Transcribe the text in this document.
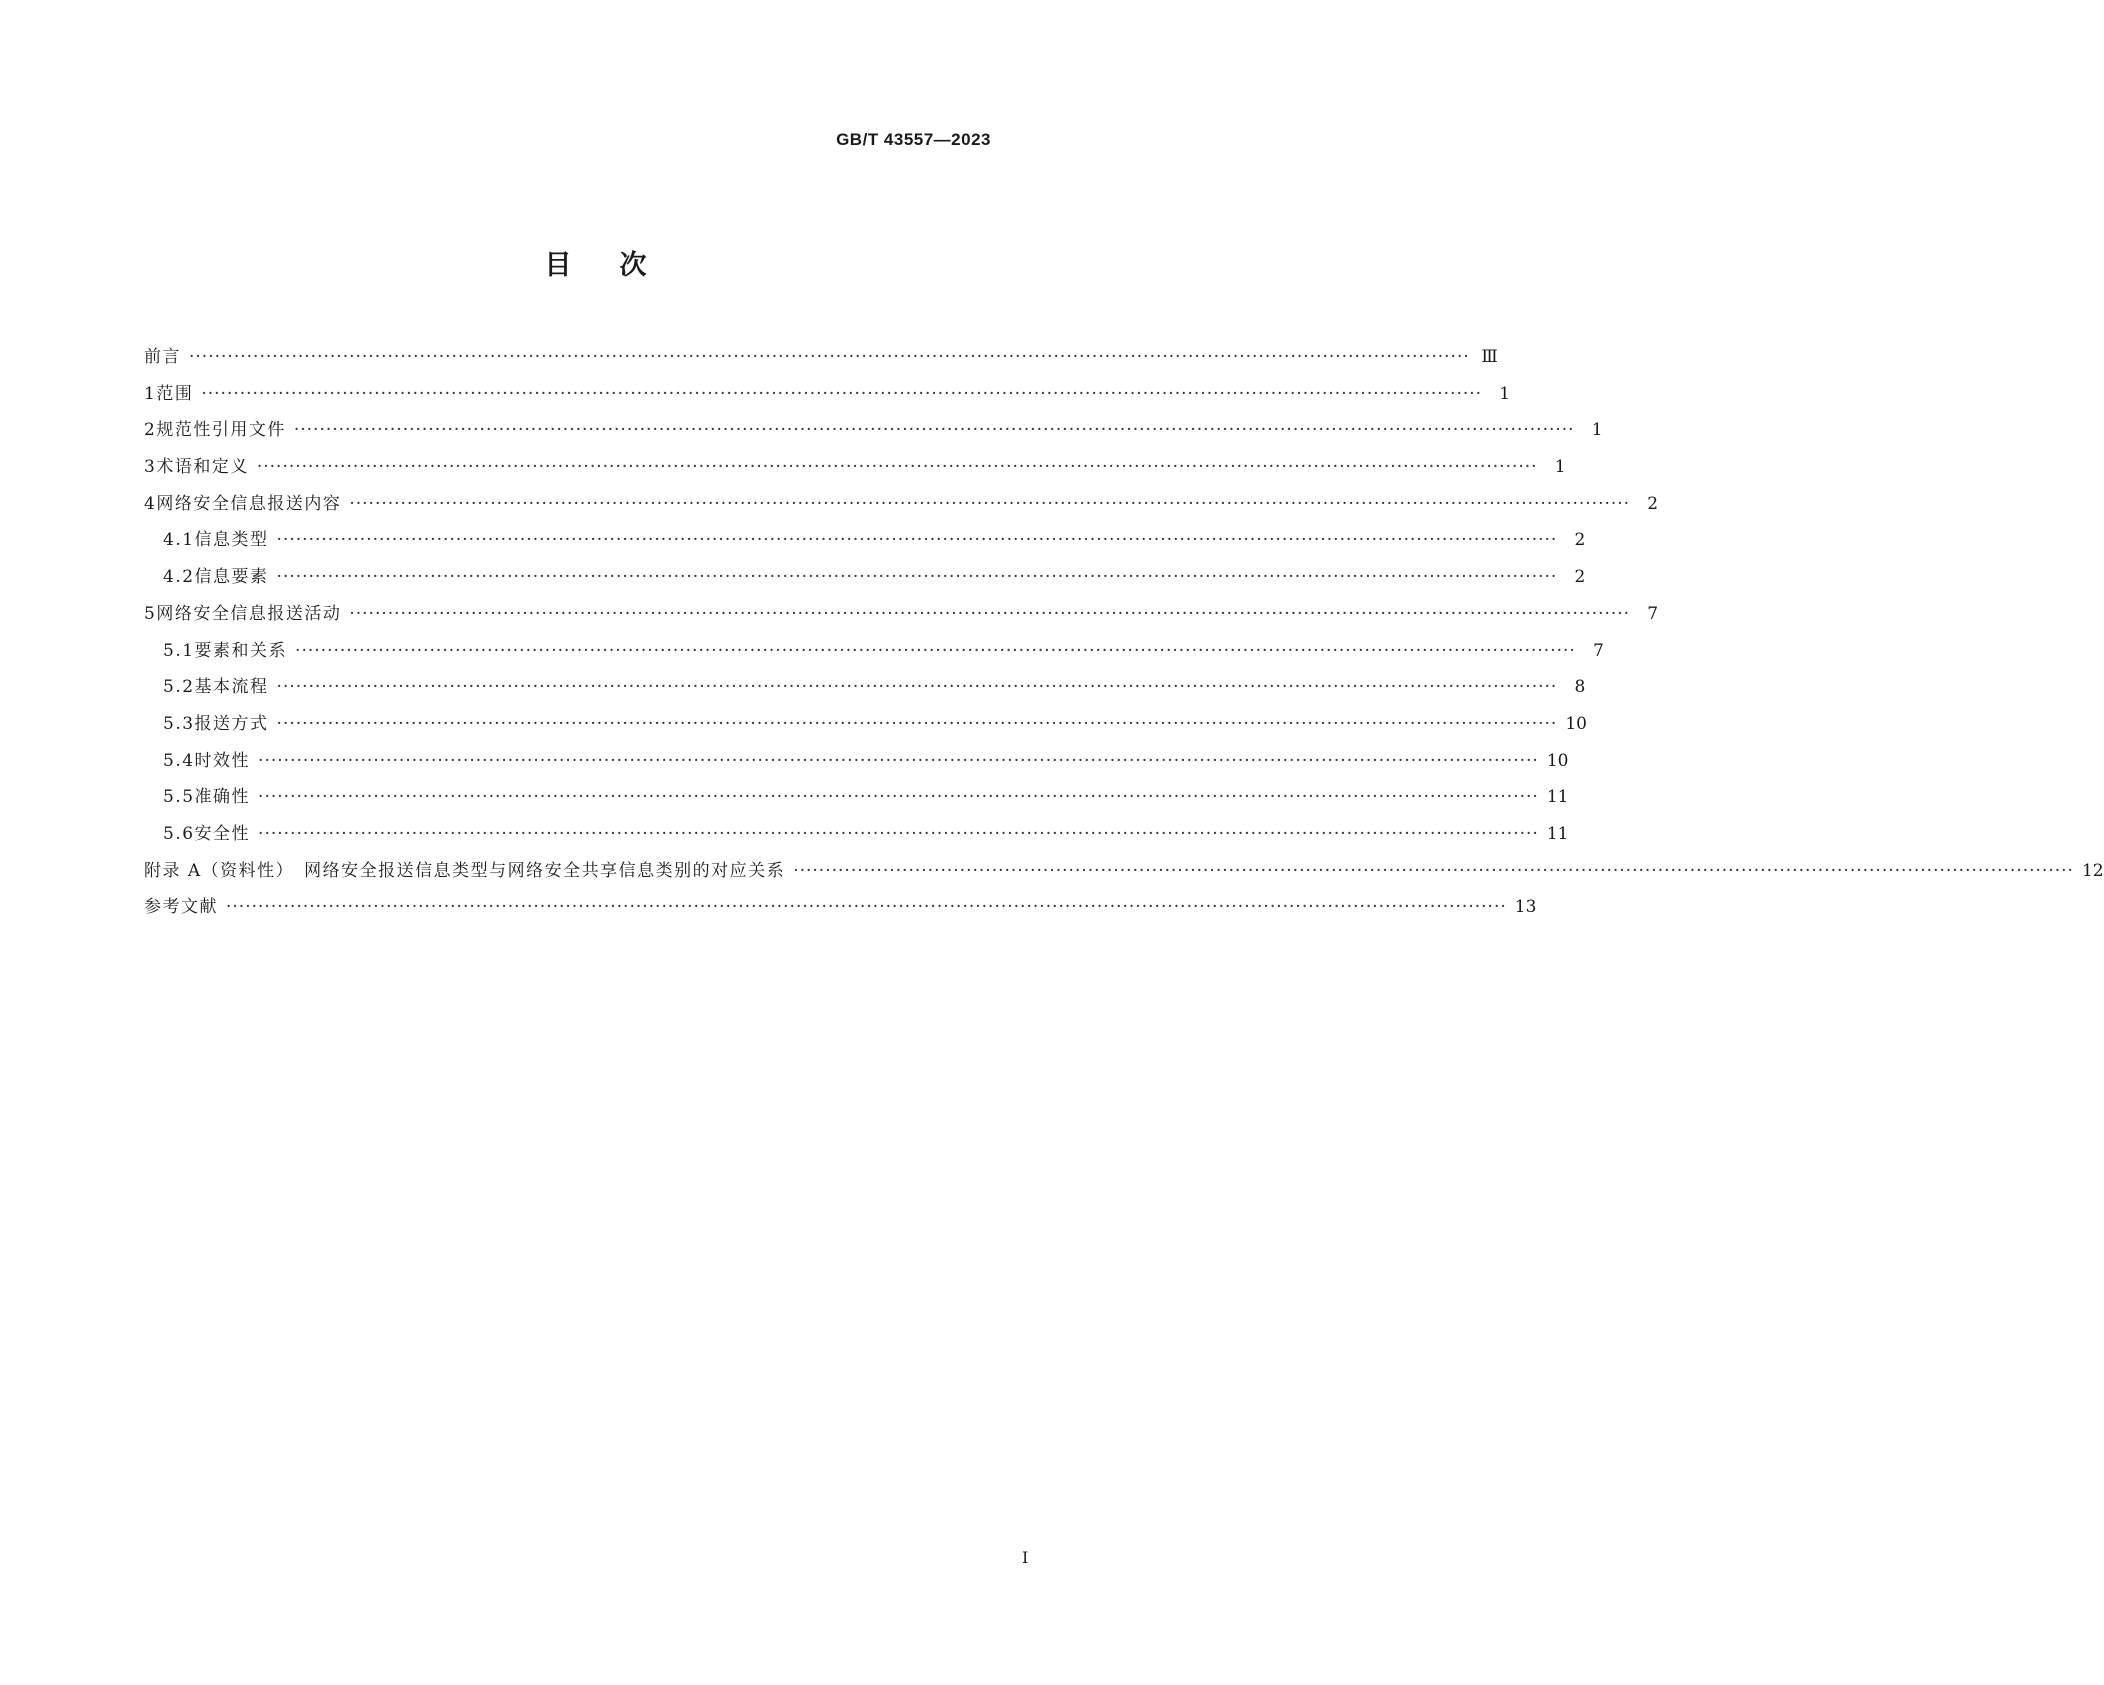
GB/T 43557—2023
目 次
前言 ········································································································································································································ Ⅲ
1 范围 ········································································································································································································	1
2 规范性引用文件 ········································································································································································································	1
3 术语和定义 ········································································································································································································	1
4 网络安全信息报送内容 ········································································································································································································	2
4.1 信息类型 ········································································································································································································	2
4.2 信息要素 ········································································································································································································	2
5 网络安全信息报送活动 ········································································································································································································	7
5.1 要素和关系 ········································································································································································································	7
5.2 基本流程 ········································································································································································································	8
5.3 报送方式 ········································································································································································································ 10
5.4 时效性 ········································································································································································································ 10
5.5 准确性 ········································································································································································································ 11
5.6 安全性 ········································································································································································································ 11
附录 A（资料性）　网络安全报送信息类型与网络安全共享信息类别的对应关系 ········································································································································································································ 12
参考文献 ········································································································································································································ 13
I
